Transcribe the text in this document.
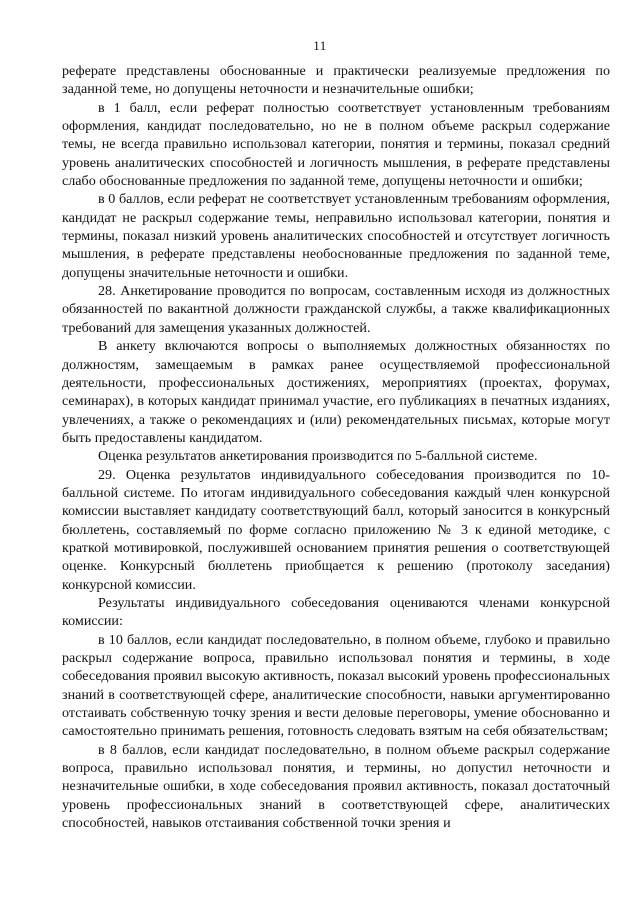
11

реферате представлены обоснованные и практически реализуемые предложения по заданной теме, но допущены неточности и незначительные ошибки;

в 1 балл, если реферат полностью соответствует установленным требованиям оформления, кандидат последовательно, но не в полном объеме раскрыл содержание темы, не всегда правильно использовал категории, понятия и термины, показал средний уровень аналитических способностей и логичность мышления, в реферате представлены слабо обоснованные предложения по заданной теме, допущены неточности и ошибки;

в 0 баллов, если реферат не соответствует установленным требованиям оформления, кандидат не раскрыл содержание темы, неправильно использовал категории, понятия и термины, показал низкий уровень аналитических способностей и отсутствует логичность мышления, в реферате представлены необоснованные предложения по заданной теме, допущены значительные неточности и ошибки.

28. Анкетирование проводится по вопросам, составленным исходя из должностных обязанностей по вакантной должности гражданской службы, а также квалификационных требований для замещения указанных должностей.

В анкету включаются вопросы о выполняемых должностных обязанностях по должностям, замещаемым в рамках ранее осуществляемой профессиональной деятельности, профессиональных достижениях, мероприятиях (проектах, форумах, семинарах), в которых кандидат принимал участие, его публикациях в печатных изданиях, увлечениях, а также о рекомендациях и (или) рекомендательных письмах, которые могут быть предоставлены кандидатом.

Оценка результатов анкетирования производится по 5-балльной системе.

29. Оценка результатов индивидуального собеседования производится по 10-балльной системе. По итогам индивидуального собеседования каждый член конкурсной комиссии выставляет кандидату соответствующий балл, который заносится в конкурсный бюллетень, составляемый по форме согласно приложению № 3 к единой методике, с краткой мотивировкой, послужившей основанием принятия решения о соответствующей оценке. Конкурсный бюллетень приобщается к решению (протоколу заседания) конкурсной комиссии.

Результаты индивидуального собеседования оцениваются членами конкурсной комиссии:

в 10 баллов, если кандидат последовательно, в полном объеме, глубоко и правильно раскрыл содержание вопроса, правильно использовал понятия и термины, в ходе собеседования проявил высокую активность, показал высокий уровень профессиональных знаний в соответствующей сфере, аналитические способности, навыки аргументированно отстаивать собственную точку зрения и вести деловые переговоры, умение обоснованно и самостоятельно принимать решения, готовность следовать взятым на себя обязательствам;

в 8 баллов, если кандидат последовательно, в полном объеме раскрыл содержание вопроса, правильно использовал понятия, и термины, но допустил неточности и незначительные ошибки, в ходе собеседования проявил активность, показал достаточный уровень профессиональных знаний в соответствующей сфере, аналитических способностей, навыков отстаивания собственной точки зрения и
